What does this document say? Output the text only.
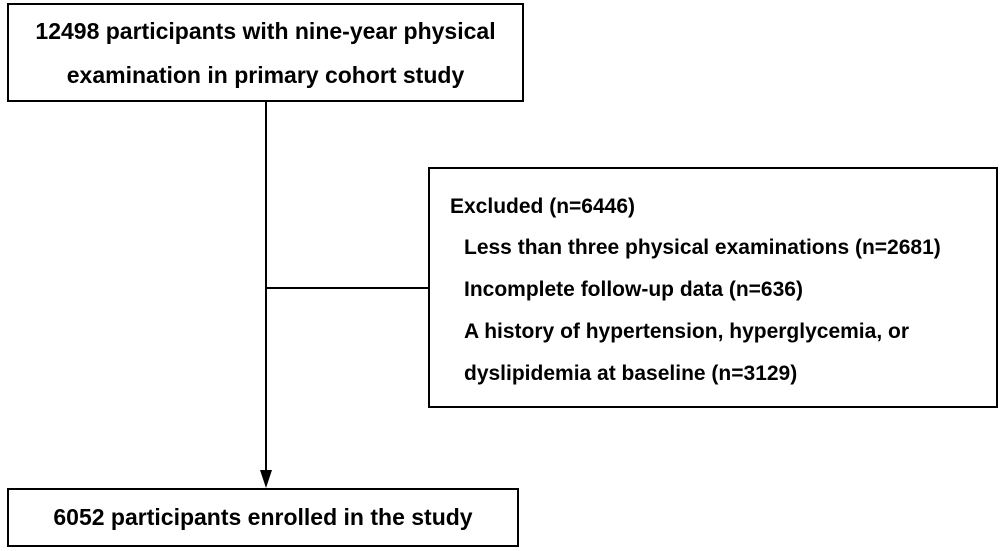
12498 participants with nine-year physical
examination in primary cohort study
Excluded (n=6446)
Less than three physical examinations (n=2681)
Incomplete follow-up data (n=636)
A history of hypertension, hyperglycemia, or
dyslipidemia at baseline (n=3129)
6052 participants enrolled in the study
